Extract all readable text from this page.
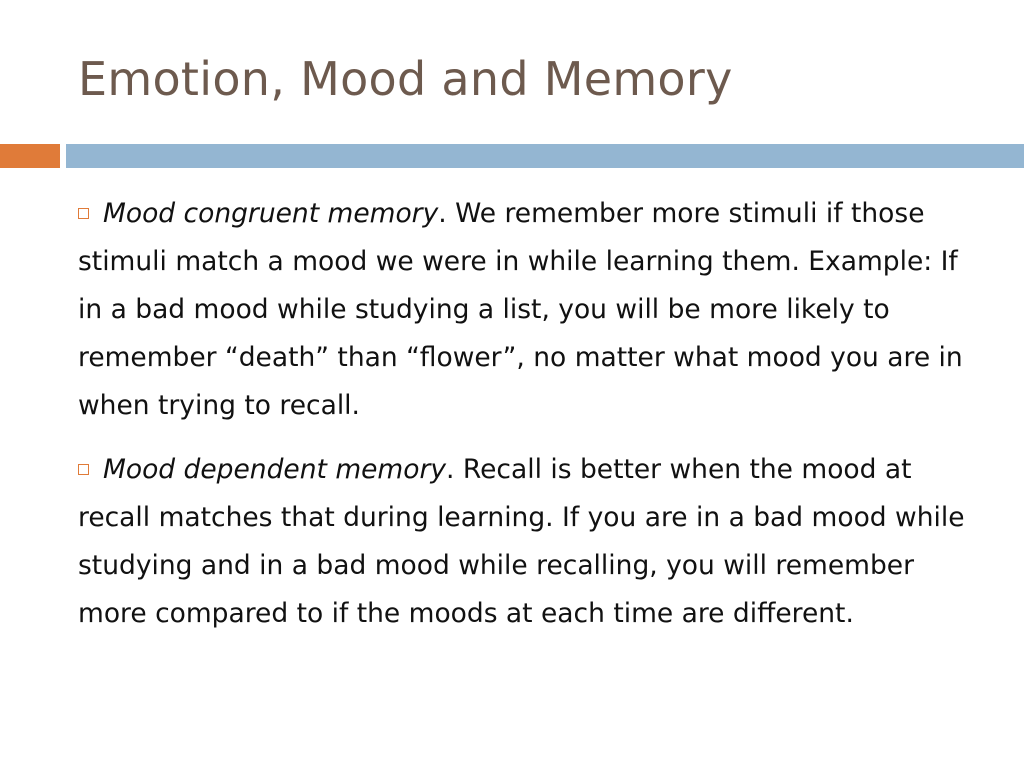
Emotion, Mood and Memory

Mood congruent memory. We remember more stimuli if those stimuli match a mood we were in while learning them. Example: If in a bad mood while studying a list, you will be more likely to remember “death” than “flower”, no matter what mood you are in when trying to recall.

Mood dependent memory. Recall is better when the mood at recall matches that during learning. If you are in a bad mood while studying and in a bad mood while recalling, you will remember more compared to if the moods at each time are different.
